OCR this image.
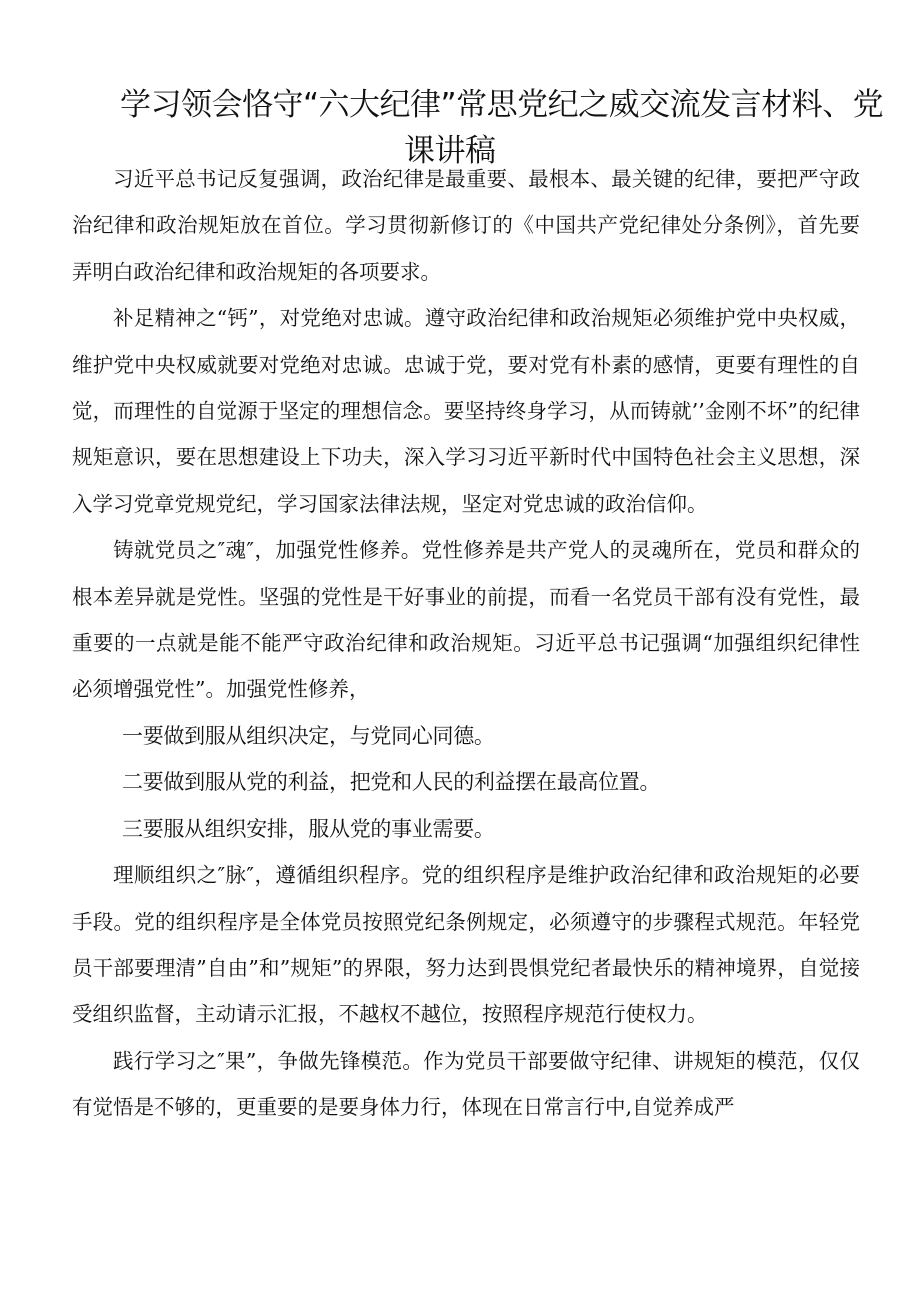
学习领会恪守“六大纪律”常思党纪之威交流发言材料、党
课讲稿

习近平总书记反复强调，政治纪律是最重要、最根本、最关键的纪律，要把严守政治纪律和政治规矩放在首位。学习贯彻新修订的《中国共产党纪律处分条例》，首先要弄明白政治纪律和政治规矩的各项要求。

补足精神之“钙”，对党绝对忠诚。遵守政治纪律和政治规矩必须维护党中央权威，维护党中央权威就要对党绝对忠诚。忠诚于党，要对党有朴素的感情，更要有理性的自觉，而理性的自觉源于坚定的理想信念。要坚持终身学习，从而铸就’’金刚不坏”的纪律规矩意识，要在思想建设上下功夫，深入学习习近平新时代中国特色社会主义思想，深入学习党章党规党纪，学习国家法律法规，坚定对党忠诚的政治信仰。

铸就党员之″魂″，加强党性修养。党性修养是共产党人的灵魂所在，党员和群众的根本差异就是党性。坚强的党性是干好事业的前提，而看一名党员干部有没有党性，最重要的一点就是能不能严守政治纪律和政治规矩。习近平总书记强调“加强组织纪律性必须增强党性”。加强党性修养，

一要做到服从组织决定，与党同心同德。

二要做到服从党的利益，把党和人民的利益摆在最高位置。

三要服从组织安排，服从党的事业需要。

理顺组织之″脉″，遵循组织程序。党的组织程序是维护政治纪律和政治规矩的必要手段。党的组织程序是全体党员按照党纪条例规定，必须遵守的步骤程式规范。年轻党员干部要理清”自由”和”规矩”的界限，努力达到畏惧党纪者最快乐的精神境界，自觉接受组织监督，主动请示汇报，不越权不越位，按照程序规范行使权力。

践行学习之″果”，争做先锋模范。作为党员干部要做守纪律、讲规矩的模范，仅仅有觉悟是不够的，更重要的是要身体力行，体现在日常言行中,自觉养成严
